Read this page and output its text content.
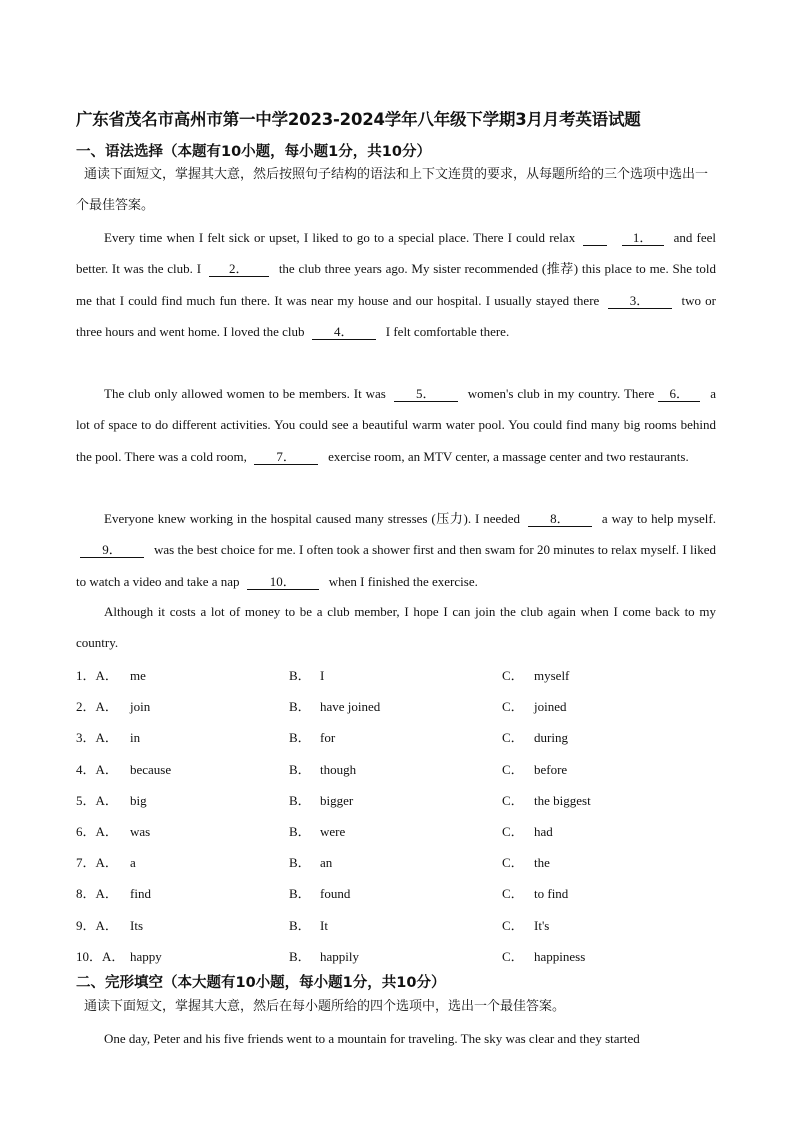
广东省茂名市高州市第一中学2023-2024学年八年级下学期3月月考英语试题
一、语法选择（本题有10小题，每小题1分，共10分）
通读下面短文，掌握其大意，然后按照句子结构的语法和上下文连贯的要求，从每题所给的三个选项中选出一个最佳答案。
Every time when I felt sick or upset, I liked to go to a special place. There I could relax	1． and feel better. It was the club. I 2． the club three years ago. My sister recommended (推荐) this place to me. She told me that I could find much fun there. It was near my house and our hospital. I usually stayed there 3． two or three hours and went home. I loved the club 4． I felt comfortable there.
The club only allowed women to be members. It was 5． women's club in my country. There 6． a lot of space to do different activities. You could see a beautiful warm water pool. You could find many big rooms behind the pool. There was a cold room, 7． exercise room, an MTV center, a massage center and two restaurants.
Everyone knew working in the hospital caused many stresses (压力). I needed 8． a way to help myself. 9． was the best choice for me. I often took a shower first and then swam for 20 minutes to relax myself. I liked to watch a video and take a nap 10．	when I finished the exercise.
Although it costs a lot of money to be a club member, I hope I can join the club again when I come back to my country.
1．A． me	B． I	C． myself
2．A． join	B． have joined	C． joined
3．A． in	B． for	C． during
4．A． because	B． though	C． before
5．A． big	B． bigger	C． the biggest
6．A． was	B． were	C． had
7．A． a	B． an	C． the
8．A． find	B． found	C． to find
9．A． Its	B． It	C． It's
10．A． happy	B． happily	C． happiness
二、完形填空（本大题有10小题，每小题1分，共10分）
通读下面短文，掌握其大意，然后在每小题所给的四个选项中，选出一个最佳答案。
One day, Peter and his five friends went to a mountain for traveling. The sky was clear and they started
